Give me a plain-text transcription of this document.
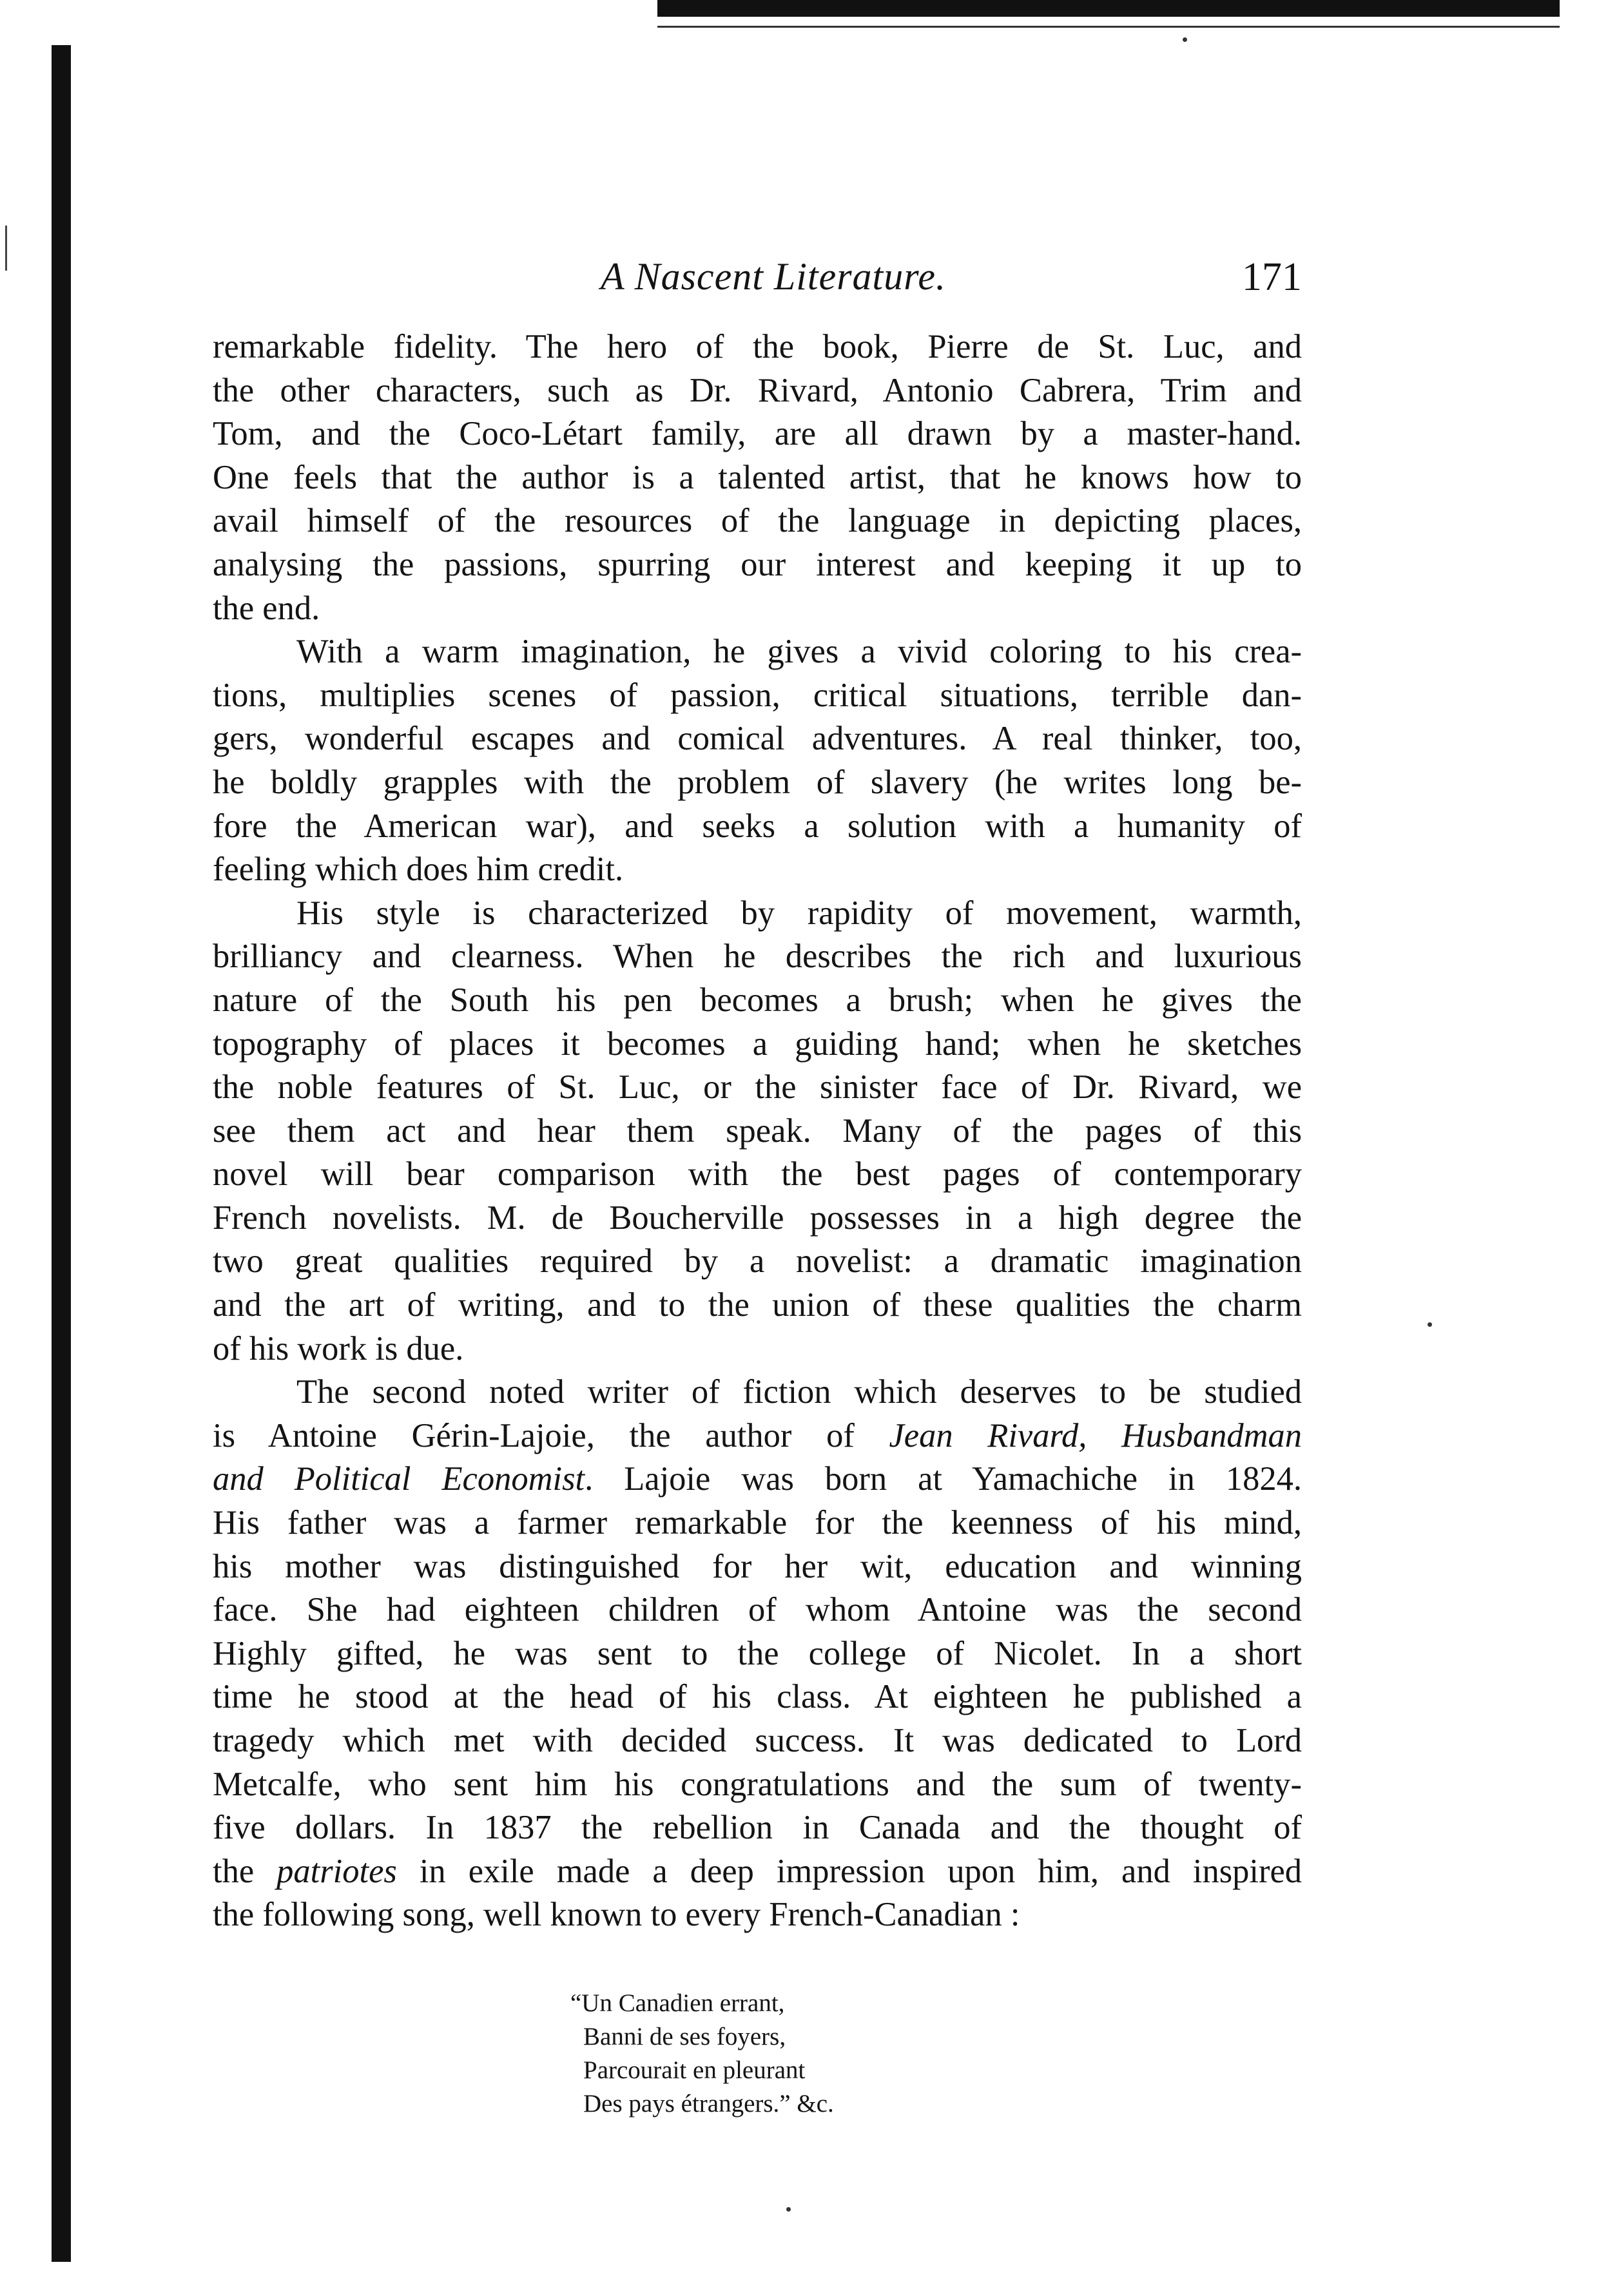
A Nascent Literature.	171
remarkable fidelity. The hero of the book, Pierre de St. Luc, and
the other characters, such as Dr. Rivard, Antonio Cabrera, Trim and
Tom, and the Coco-Létart family, are all drawn by a master-hand.
One feels that the author is a talented artist, that he knows how to
avail himself of the resources of the language in depicting places,
analysing the passions, spurring our interest and keeping it up to
the end.
With a warm imagination, he gives a vivid coloring to his crea-
tions, multiplies scenes of passion, critical situations, terrible dan-
gers, wonderful escapes and comical adventures. A real thinker, too,
he boldly grapples with the problem of slavery (he writes long be-
fore the American war), and seeks a solution with a humanity of
feeling which does him credit.
His style is characterized by rapidity of movement, warmth,
brilliancy and clearness. When he describes the rich and luxurious
nature of the South his pen becomes a brush; when he gives the
topography of places it becomes a guiding hand; when he sketches
the noble features of St. Luc, or the sinister face of Dr. Rivard, we
see them act and hear them speak. Many of the pages of this
novel will bear comparison with the best pages of contemporary
French novelists. M. de Boucherville possesses in a high degree the
two great qualities required by a novelist: a dramatic imagination
and the art of writing, and to the union of these qualities the charm
of his work is due.
The second noted writer of fiction which deserves to be studied
is Antoine Gérin-Lajoie, the author of Jean Rivard, Husbandman
and Political Economist. Lajoie was born at Yamachiche in 1824.
His father was a farmer remarkable for the keenness of his mind,
his mother was distinguished for her wit, education and winning
face. She had eighteen children of whom Antoine was the second
Highly gifted, he was sent to the college of Nicolet. In a short
time he stood at the head of his class. At eighteen he published a
tragedy which met with decided success. It was dedicated to Lord
Metcalfe, who sent him his congratulations and the sum of twenty-
five dollars. In 1837 the rebellion in Canada and the thought of
the patriotes in exile made a deep impression upon him, and inspired
the following song, well known to every French-Canadian :
“Un Canadien errant,
Banni de ses foyers,
Parcourait en pleurant
Des pays étrangers.” &c.
